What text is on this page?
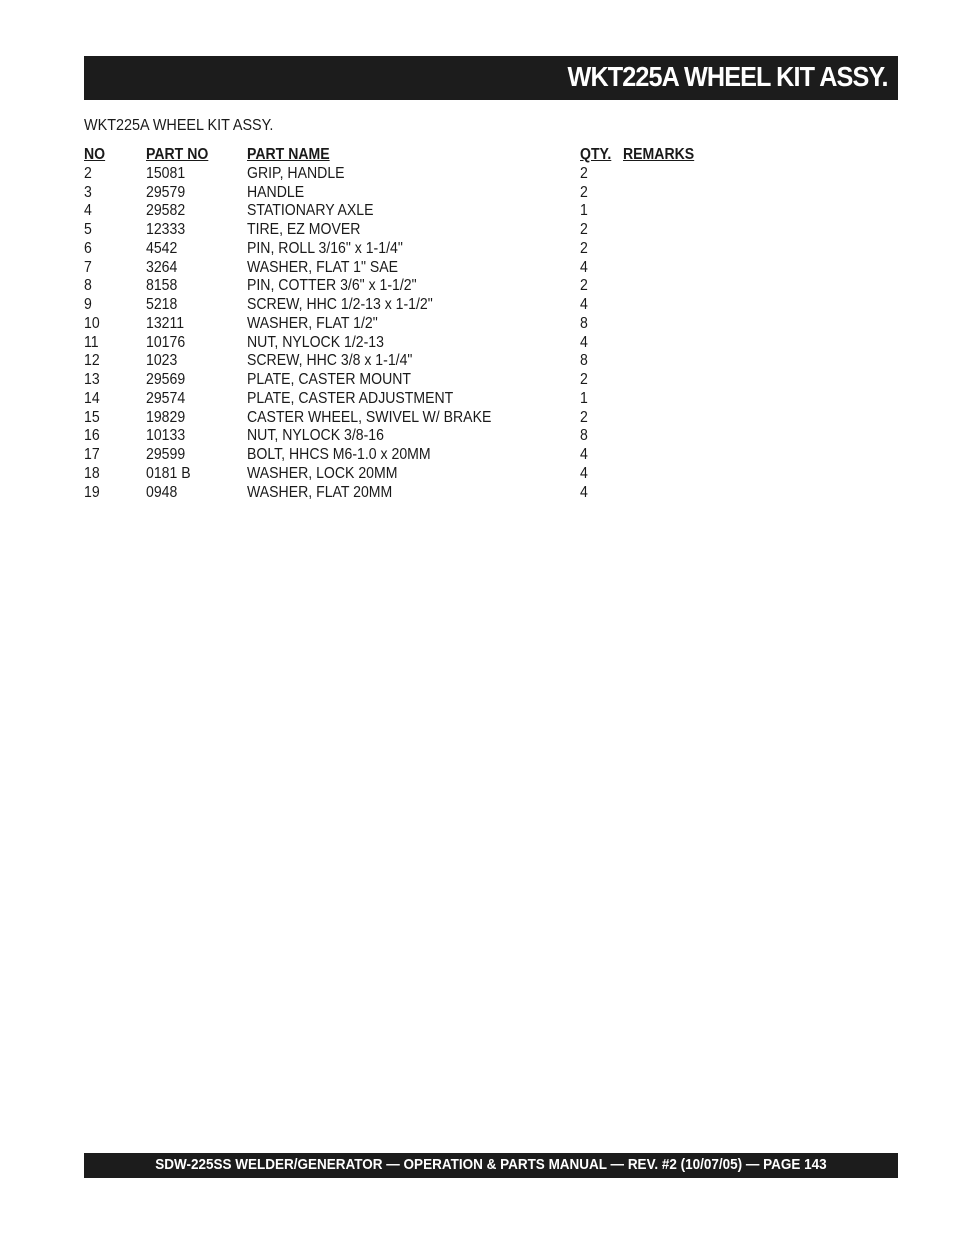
WKT225A WHEEL KIT ASSY.
WKT225A WHEEL KIT ASSY.
NO	PART NO PART NAME	QTY. REMARKS
2	15081	GRIP, HANDLE	2
3	29579	HANDLE	2
4	29582	STATIONARY AXLE	1
5	12333	TIRE, EZ MOVER	2
6	4542	PIN, ROLL 3/16" x 1-1/4"	2
7	3264	WASHER, FLAT 1" SAE	4
8	8158	PIN, COTTER 3/6" x 1-1/2"	2
9	5218	SCREW, HHC 1/2-13 x 1-1/2"	4
10	13211	WASHER, FLAT 1/2"	8
11	10176	NUT, NYLOCK 1/2-13	4
12	1023	SCREW, HHC 3/8 x 1-1/4"	8
13	29569	PLATE, CASTER MOUNT	2
14	29574	PLATE, CASTER ADJUSTMENT	1
15	19829	CASTER WHEEL, SWIVEL W/ BRAKE	2
16	10133	NUT, NYLOCK 3/8-16	8
17	29599	BOLT, HHCS M6-1.0 x 20MM	4
18	0181 B	WASHER, LOCK 20MM	4
19	0948	WASHER, FLAT 20MM	4
SDW-225SS WELDER/GENERATOR — OPERATION & PARTS MANUAL — REV. #2 (10/07/05) — PAGE 143
